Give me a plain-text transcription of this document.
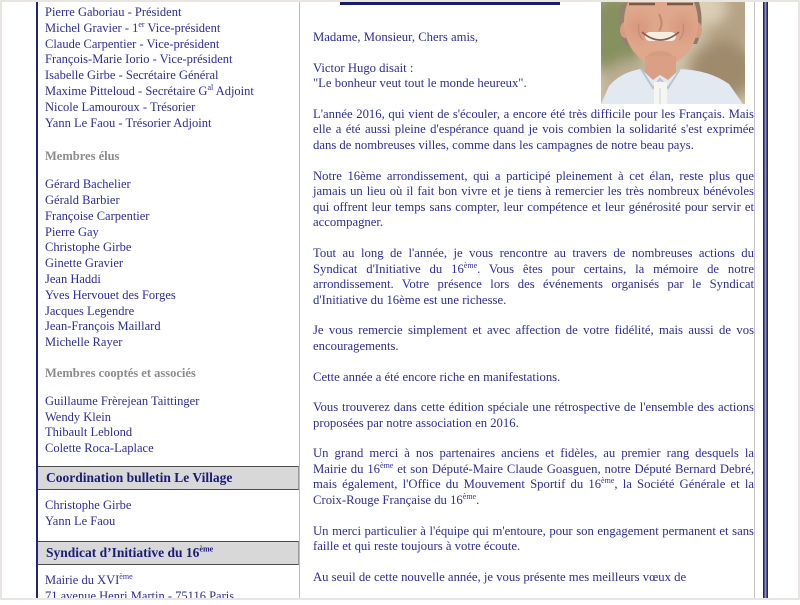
Pierre Gaboriau - Président
Michel Gravier - 1er Vice-président
Claude Carpentier - Vice-président
François-Marie Iorio - Vice-président
Isabelle Girbe - Secrétaire Général
Maxime Pitteloud - Secrétaire $G^{al}$ Adjoint
Nicole Lamouroux - Trésorier
Yann Le Faou - Trésorier Adjoint
Membres élus
Gérard Bachelier
Gérald Barbier
Françoise Carpentier
Pierre Gay
Christophe Girbe
Ginette Gravier
Jean Haddi
Yves Hervouet des Forges
Jacques Legendre
Jean-François Maillard
Michelle Rayer
Membres cooptés et associés
Guillaume Frèrejean Taittinger
Wendy Klein
Thibault Leblond
Colette Roca-Laplace
Coordination bulletin Le Village
Christophe Girbe
Yann Le Faou
Syndicat d’Initiative du 16ème
Mairie du XVIème
71 avenue Henri Martin - 75116 Paris

Madame, Monsieur, Chers amis,

Victor Hugo disait :
"Le bonheur veut tout le monde heureux".

L'année 2016, qui vient de s'écouler, a encore été très difficile pour les Français. Mais elle a été aussi pleine d'espérance quand je vois combien la solidarité s'est exprimée dans de nombreuses villes, comme dans les campagnes de notre beau pays.

Notre 16ème arrondissement, qui a participé pleinement à cet élan, reste plus que jamais un lieu où il fait bon vivre et je tiens à remercier les très nombreux bénévoles qui offrent leur temps sans compter, leur compétence et leur générosité pour servir et accompagner.

Tout au long de l'année, je vous rencontre au travers de nombreuses actions du Syndicat d'Initiative du 16ème. Vous êtes pour certains, la mémoire de notre arrondissement. Votre présence lors des événements organisés par le Syndicat d'Initiative du 16ème est une richesse.

Je vous remercie simplement et avec affection de votre fidélité, mais aussi de vos encouragements.

Cette année a été encore riche en manifestations.

Vous trouverez dans cette édition spéciale une rétrospective de l'ensemble des actions proposées par notre association en 2016.

Un grand merci à nos partenaires anciens et fidèles, au premier rang desquels la Mairie du 16ème et son Député-Maire Claude Goasguen, notre Député Bernard Debré, mais également, l'Office du Mouvement Sportif du 16ème, la Société Générale et la Croix-Rouge Française du 16ème.

Un merci particulier à l'équipe qui m'entoure, pour son engagement permanent et sans faille et qui reste toujours à votre écoute.

Au seuil de cette nouvelle année, je vous présente mes meilleurs vœux de
